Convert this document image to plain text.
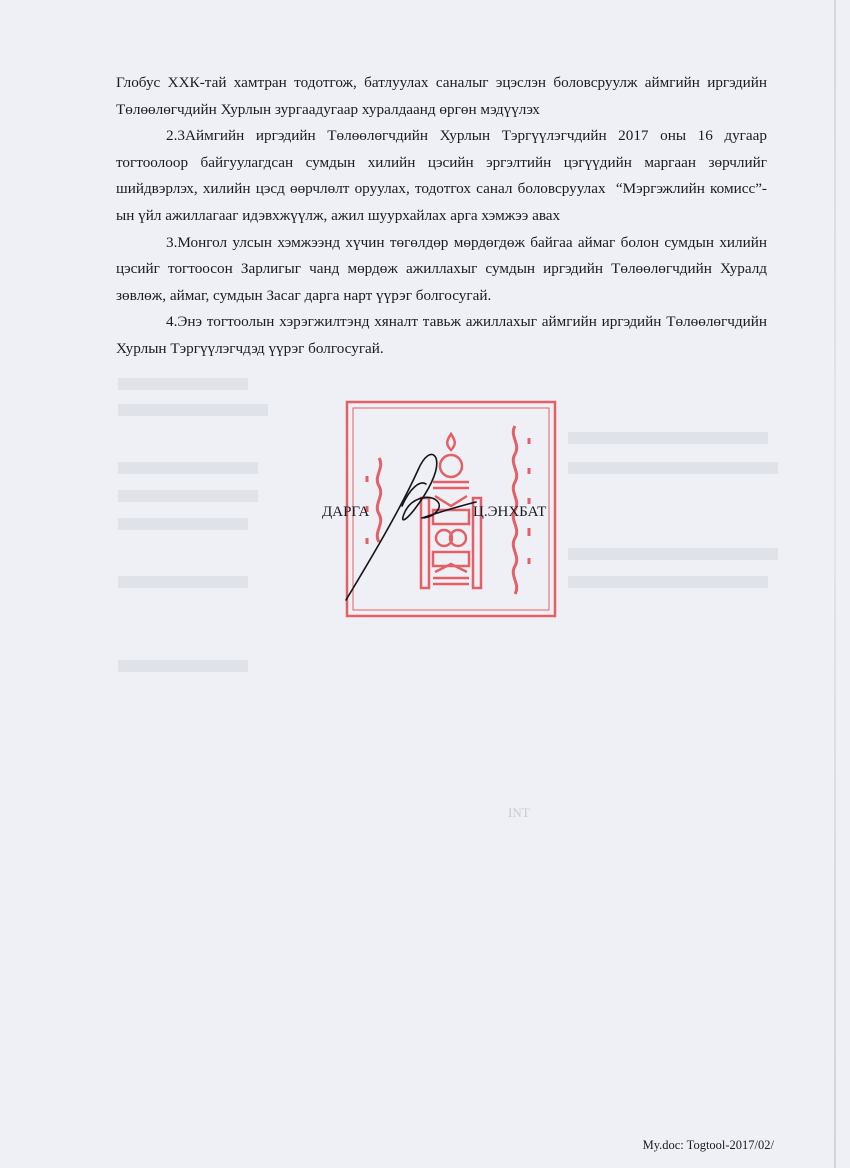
Глобус ХХК-тай хамтран тодотгож, батлуулах саналыг эцэслэн боловсруулж аймгийн иргэдийн Төлөөлөгчдийн Хурлын зургаадугаар хуралдаанд өргөн мэдүүлэх

2.3Аймгийн иргэдийн Төлөөлөгчдийн Хурлын Тэргүүлэгчдийн 2017 оны 16 дугаар тогтоолоор байгуулагдсан сумдын хилийн цэсийн эргэлтийн цэгүүдийн маргаан зөрчлийг шийдвэрлэх, хилийн цэсд өөрчлөлт оруулах, тодотгох санал боловсруулах  “Мэргэжлийн комисс”-ын үйл ажиллагааг идэвхжүүлж, ажил шуурхайлах арга хэмжээ авах

3.Монгол улсын хэмжээнд хүчин төгөлдөр мөрдөгдөж байгаа аймаг болон сумдын хилийн цэсийг тогтоосон Зарлигыг чанд мөрдөж ажиллахыг сумдын иргэдийн Төлөөлөгчдийн Хуралд зөвлөж, аймаг, сумдын Засаг дарга нарт үүрэг болгосугай.

4.Энэ тогтоолын хэрэгжилтэнд хяналт тавьж ажиллахыг аймгийн иргэдийн Төлөөлөгчдийн Хурлын Тэргүүлэгчдэд үүрэг болгосугай.

ДАРГА	Ц.ЭНХБАТ
INT
My.doc: Togtool-2017/02/
